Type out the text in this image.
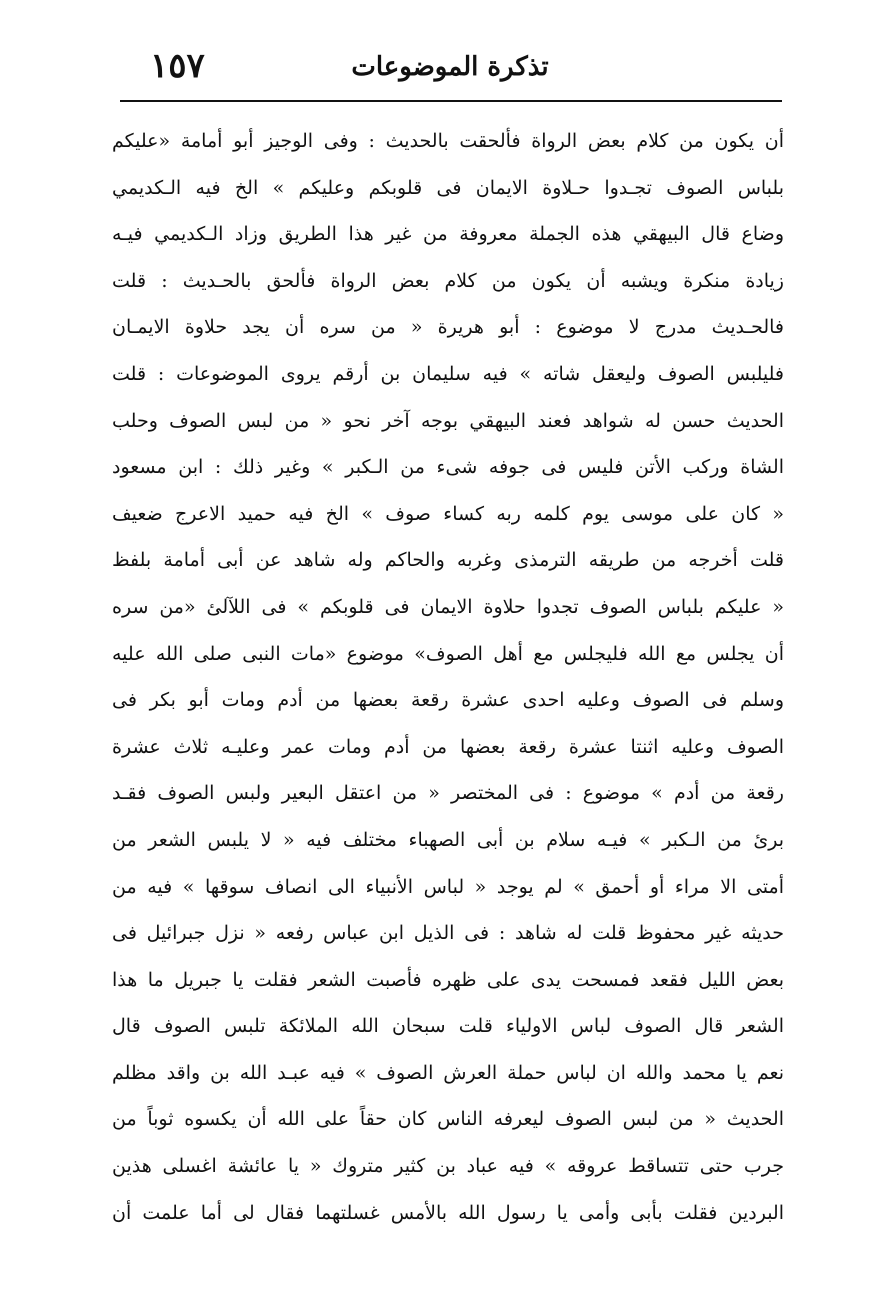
١٥٧	تذكرة الموضوعات
أن يكون من كلام بعض الرواة فألحقت بالحديث : وفى الوجيز أبو أمامة «عليكم
بلباس الصوف تجـدوا حـلاوة الايمان فى قلوبكم وعليكم » الخ فيه الـكديمي
وضاع قال البيهقي هذه الجملة معروفة من غير هذا الطريق وزاد الـكديمي فيـه
زيادة منكرة ويشبه أن يكون من كلام بعض الرواة فألحق بالحـديث : قلت
فالحـديث مدرج لا موضوع : أبو هريرة « من سره أن يجد حلاوة الايمـان
فليلبس الصوف وليعقل شاته » فيه سليمان بن أرقم يروى الموضوعات : قلت
الحديث حسن له شواهد فعند البيهقي بوجه آخر نحو « من لبس الصوف وحلب
الشاة وركب الأتن فليس فى جوفه شىء من الـكبر » وغير ذلك : ابن مسعود
« كان على موسى يوم كلمه ربه كساء صوف » الخ فيه حميد الاعرج ضعيف
قلت أخرجه من طريقه الترمذى وغربه والحاكم وله شاهد عن أبى أمامة بلفظ
« عليكم بلباس الصوف تجدوا حلاوة الايمان فى قلوبكم » فى اللآلئ «من سره
أن يجلس مع الله فليجلس مع أهل الصوف» موضوع «مات النبى صلى الله عليه
وسلم فى الصوف وعليه احدى عشرة رقعة بعضها من أدم ومات أبو بكر فى
الصوف وعليه اثنتا عشرة رقعة بعضها من أدم ومات عمر وعليـه ثلاث عشرة
رقعة من أدم » موضوع : فى المختصر « من اعتقل البعير ولبس الصوف فقـد
برئ من الـكبر » فيـه سلام بن أبى الصهباء مختلف فيه « لا يلبس الشعر من
أمتى الا مراء أو أحمق » لم يوجد « لباس الأنبياء الى انصاف سوقها » فيه من
حديثه غير محفوظ قلت له شاهد : فى الذيل ابن عباس رفعه « نزل جبرائيل فى
بعض الليل فقعد فمسحت يدى على ظهره فأصبت الشعر فقلت يا جبريل ما هذا
الشعر قال الصوف لباس الاولياء قلت سبحان الله الملائكة تلبس الصوف قال
نعم يا محمد والله ان لباس حملة العرش الصوف » فيه عبـد الله بن واقد مظلم
الحديث « من لبس الصوف ليعرفه الناس كان حقاً على الله أن يكسوه ثوباً من
جرب حتى تتساقط عروقه » فيه عباد بن كثير متروك « يا عائشة اغسلى هذين
البردين فقلت بأبى وأمى يا رسول الله بالأمس غسلتهما فقال لى أما علمت أن
